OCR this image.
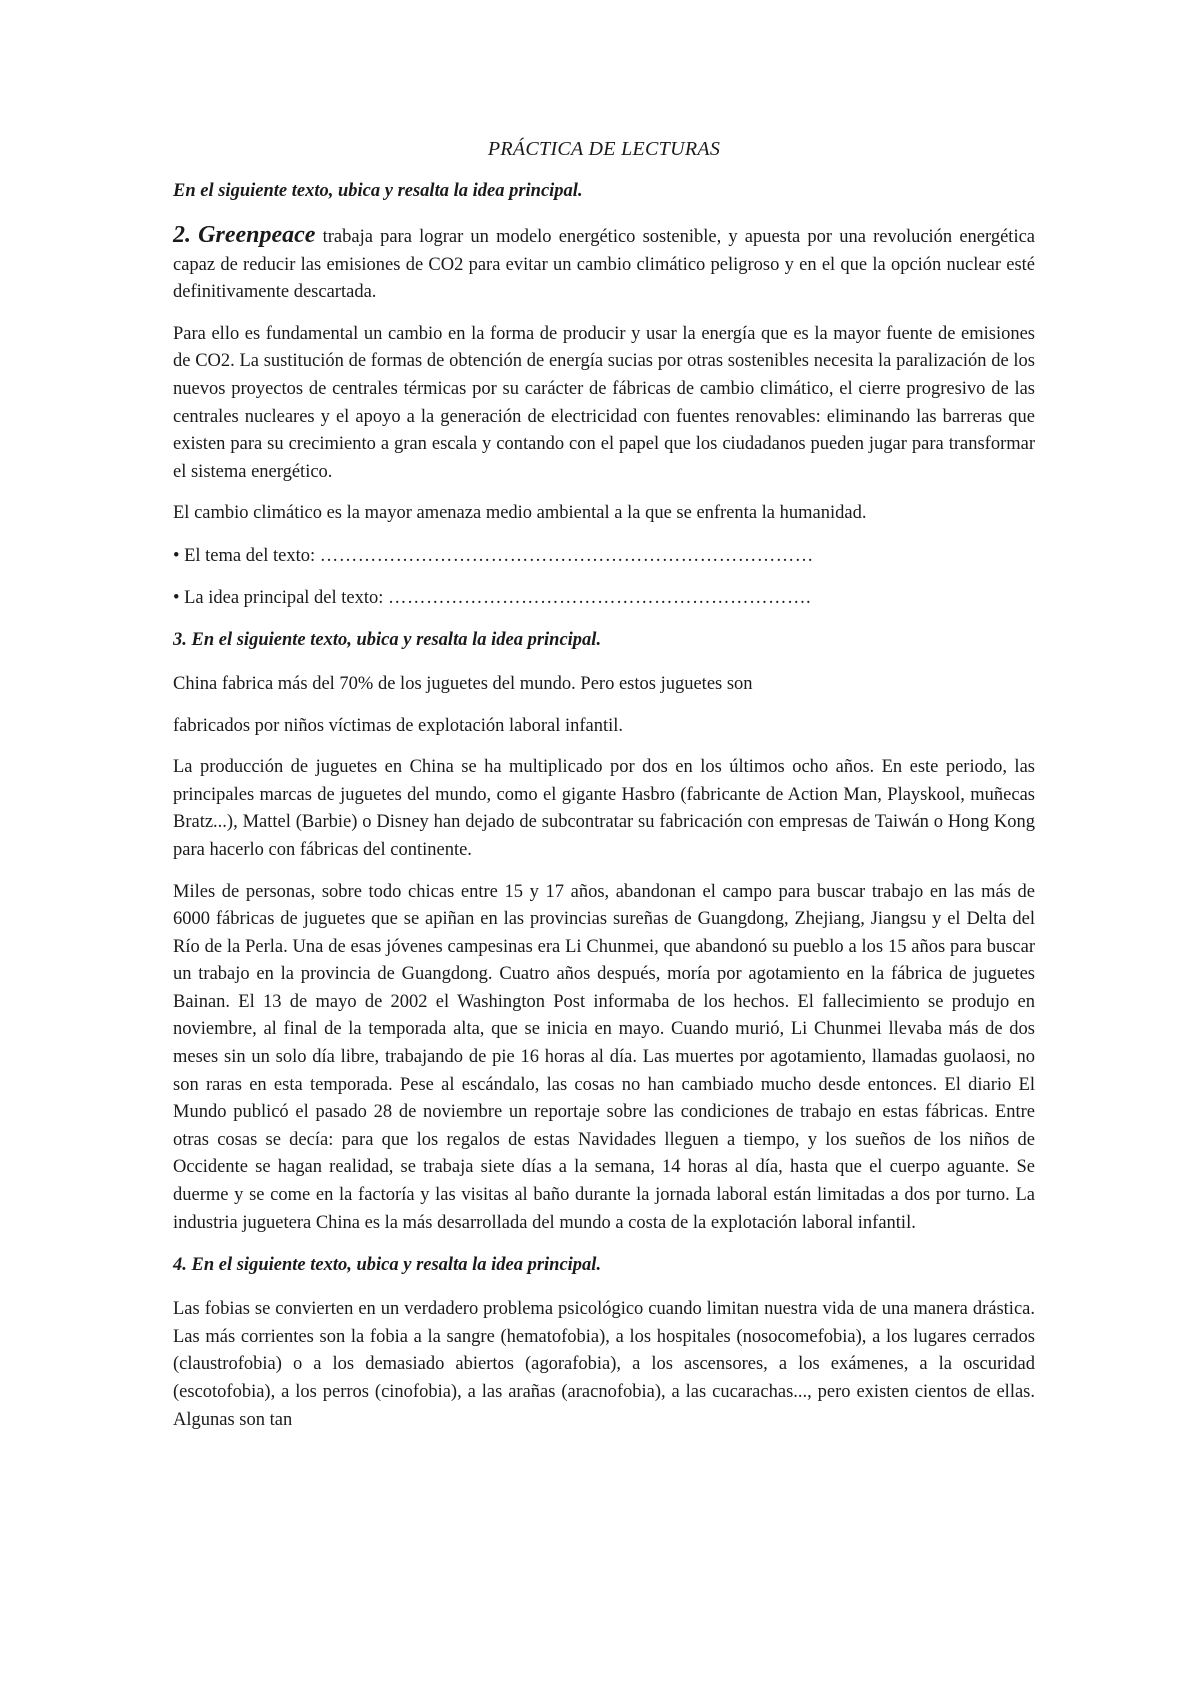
PRÁCTICA DE LECTURAS
En el siguiente texto, ubica y resalta la idea principal.

2. Greenpeace trabaja para lograr un modelo energético sostenible, y apuesta por una revolución energética capaz de reducir las emisiones de CO2 para evitar un cambio climático peligroso y en el que la opción nuclear esté definitivamente descartada.

Para ello es fundamental un cambio en la forma de producir y usar la energía que es la mayor fuente de emisiones de CO2. La sustitución de formas de obtención de energía sucias por otras sostenibles necesita la paralización de los nuevos proyectos de centrales térmicas por su carácter de fábricas de cambio climático, el cierre progresivo de las centrales nucleares y el apoyo a la generación de electricidad con fuentes renovables: eliminando las barreras que existen para su crecimiento a gran escala y contando con el papel que los ciudadanos pueden jugar para transformar el sistema energético.

El cambio climático es la mayor amenaza medio ambiental a la que se enfrenta la humanidad.

• El tema del texto: ……………………………………………………………………
• La idea principal del texto: ………………………………………………………….
3. En el siguiente texto, ubica y resalta la idea principal.

China fabrica más del 70% de los juguetes del mundo. Pero estos juguetes son

fabricados por niños víctimas de explotación laboral infantil.

La producción de juguetes en China se ha multiplicado por dos en los últimos ocho años. En este periodo, las principales marcas de juguetes del mundo, como el gigante Hasbro (fabricante de Action Man, Playskool, muñecas Bratz...), Mattel (Barbie) o Disney han dejado de subcontratar su fabricación con empresas de Taiwán o Hong Kong para hacerlo con fábricas del continente.

Miles de personas, sobre todo chicas entre 15 y 17 años, abandonan el campo para buscar trabajo en las más de 6000 fábricas de juguetes que se apiñan en las provincias sureñas de Guangdong, Zhejiang, Jiangsu y el Delta del Río de la Perla. Una de esas jóvenes campesinas era Li Chunmei, que abandonó su pueblo a los 15 años para buscar un trabajo en la provincia de Guangdong. Cuatro años después, moría por agotamiento en la fábrica de juguetes Bainan. El 13 de mayo de 2002 el Washington Post informaba de los hechos. El fallecimiento se produjo en noviembre, al final de la temporada alta, que se inicia en mayo. Cuando murió, Li Chunmei llevaba más de dos meses sin un solo día libre, trabajando de pie 16 horas al día. Las muertes por agotamiento, llamadas guolaosi, no son raras en esta temporada. Pese al escándalo, las cosas no han cambiado mucho desde entonces. El diario El Mundo publicó el pasado 28 de noviembre un reportaje sobre las condiciones de trabajo en estas fábricas. Entre otras cosas se decía: para que los regalos de estas Navidades lleguen a tiempo, y los sueños de los niños de Occidente se hagan realidad, se trabaja siete días a la semana, 14 horas al día, hasta que el cuerpo aguante. Se duerme y se come en la factoría y las visitas al baño durante la jornada laboral están limitadas a dos por turno. La industria juguetera China es la más desarrollada del mundo a costa de la explotación laboral infantil.

4. En el siguiente texto, ubica y resalta la idea principal.

Las fobias se convierten en un verdadero problema psicológico cuando limitan nuestra vida de una manera drástica. Las más corrientes son la fobia a la sangre (hematofobia), a los hospitales (nosocomefobia), a los lugares cerrados (claustrofobia) o a los demasiado abiertos (agorafobia), a los ascensores, a los exámenes, a la oscuridad (escotofobia), a los perros (cinofobia), a las arañas (aracnofobia), a las cucarachas..., pero existen cientos de ellas. Algunas son tan
